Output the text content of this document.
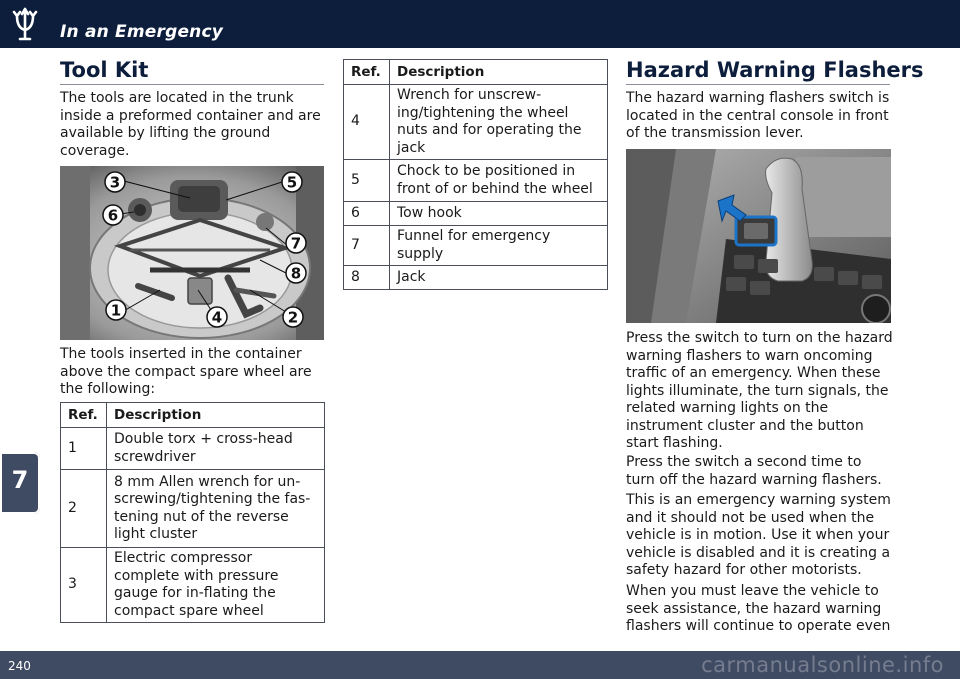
In an Emergency
7
Tool Kit
The tools are located in the trunk inside a preformed container and are available by lifting the ground coverage.
3	5
6
7
8
1	4	2
The tools inserted in the container above the compact spare wheel are the following:
Ref.	Description
1	Double torx + cross-head screwdriver
2	8 mm Allen wrench for un-screwing/tightening the fas-tening nut of the reverse light cluster
3	Electric compressor complete with pressure gauge for in-flating the compact spare wheel
Ref.	Description
4	Wrench for unscrew-ing/tightening the wheel nuts and for operating the jack
5	Chock to be positioned in front of or behind the wheel
6	Tow hook
7	Funnel for emergency supply
8	Jack
Hazard Warning Flashers
The hazard warning flashers switch is located in the central console in front of the transmission lever.
Press the switch to turn on the hazard warning flashers to warn oncoming traffic of an emergency. When these lights illuminate, the turn signals, the related warning lights on the instrument cluster and the button start flashing.
Press the switch a second time to turn off the hazard warning flashers.
This is an emergency warning system and it should not be used when the vehicle is in motion. Use it when your vehicle is disabled and it is creating a safety hazard for other motorists.
When you must leave the vehicle to seek assistance, the hazard warning flashers will continue to operate even
240	carmanualsonline.info
